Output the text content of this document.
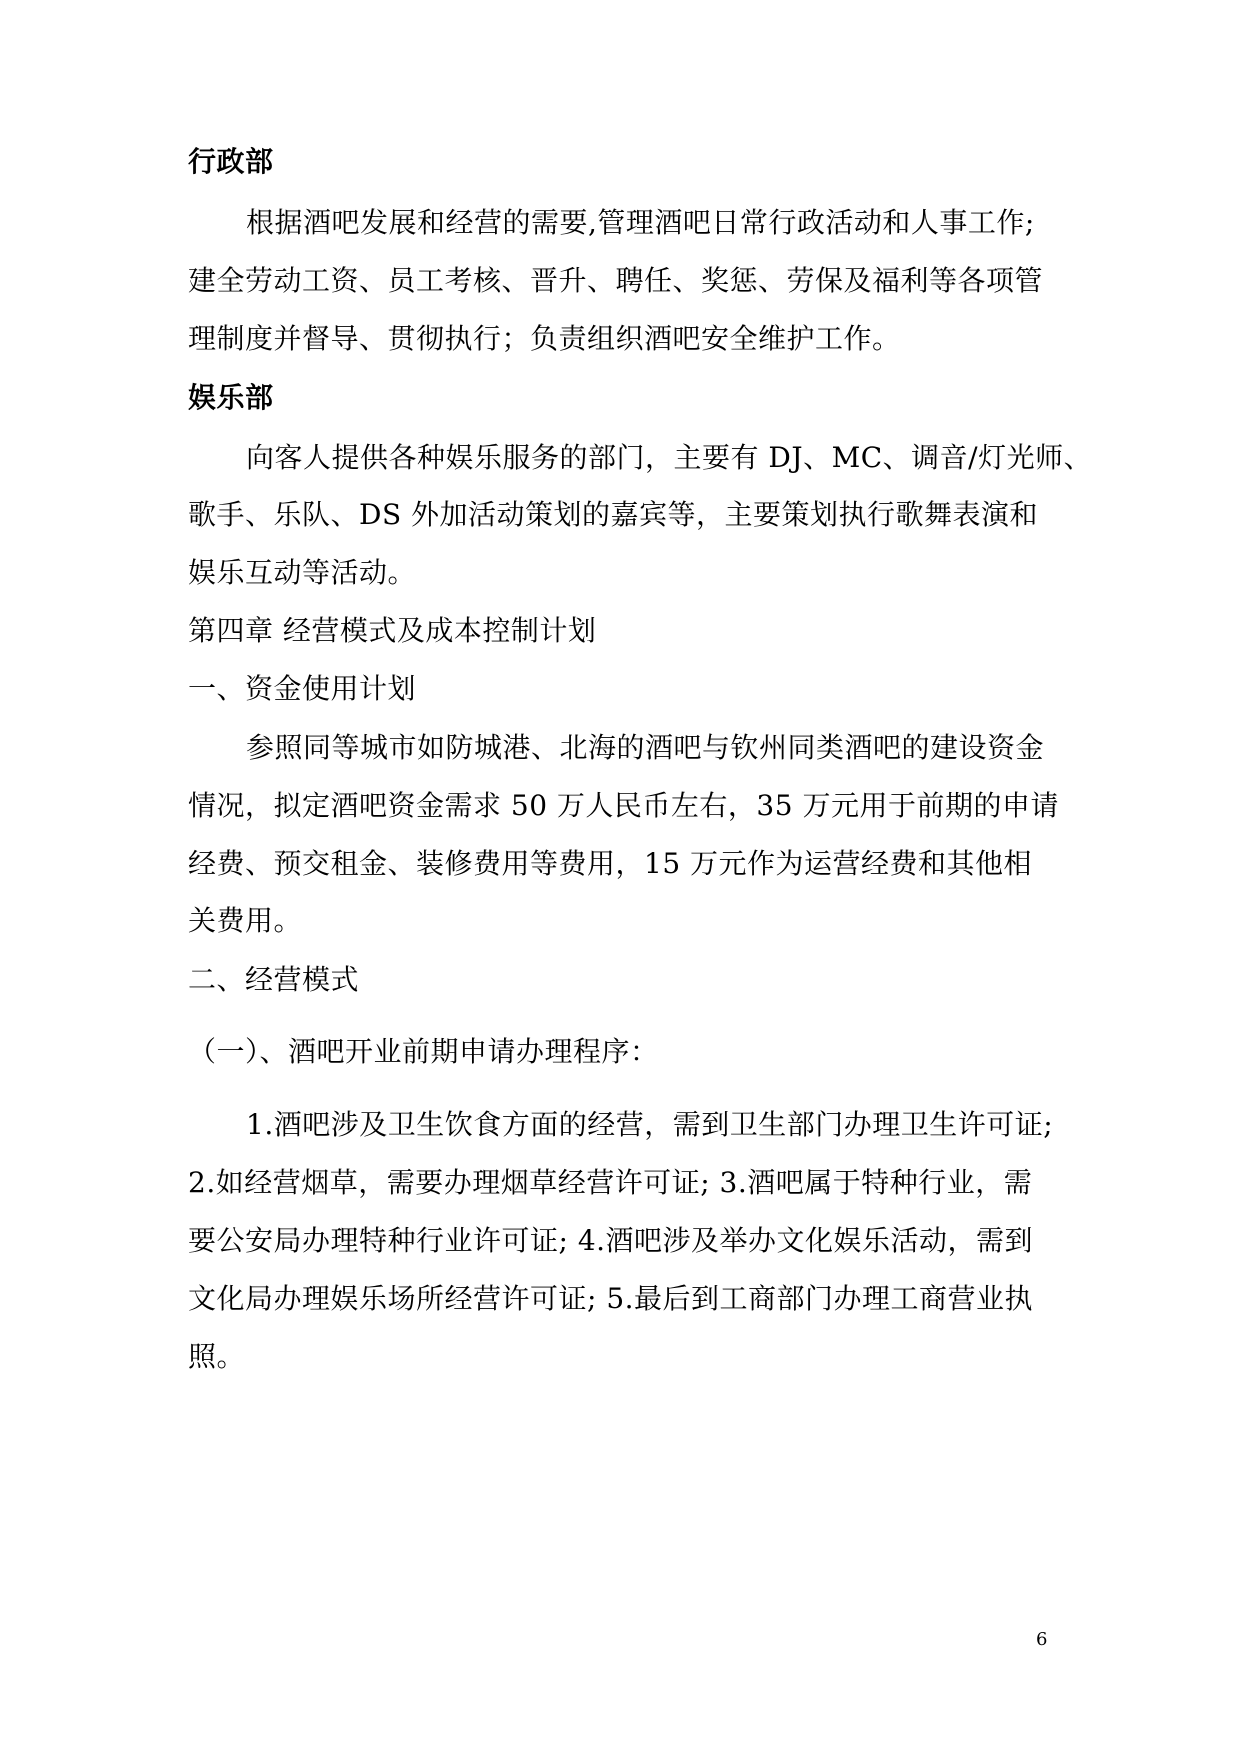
行政部
根据酒吧发展和经营的需要,管理酒吧日常行政活动和人事工作;
建全劳动工资、员工考核、晋升、聘任、奖惩、劳保及福利等各项管
理制度并督导、贯彻执行；负责组织酒吧安全维护工作。
娱乐部
向客人提供各种娱乐服务的部门，主要有 DJ、MC、调音/灯光师、
歌手、乐队、DS 外加活动策划的嘉宾等，主要策划执行歌舞表演和
娱乐互动等活动。
第四章 经营模式及成本控制计划
一、资金使用计划
参照同等城市如防城港、北海的酒吧与钦州同类酒吧的建设资金
情况，拟定酒吧资金需求 50 万人民币左右，35 万元用于前期的申请
经费、预交租金、装修费用等费用，15 万元作为运营经费和其他相
关费用。
二、经营模式
（一）、酒吧开业前期申请办理程序：
1.酒吧涉及卫生饮食方面的经营，需到卫生部门办理卫生许可证;
2.如经营烟草，需要办理烟草经营许可证; 3.酒吧属于特种行业，需
要公安局办理特种行业许可证; 4.酒吧涉及举办文化娱乐活动，需到
文化局办理娱乐场所经营许可证; 5.最后到工商部门办理工商营业执
照。
6
